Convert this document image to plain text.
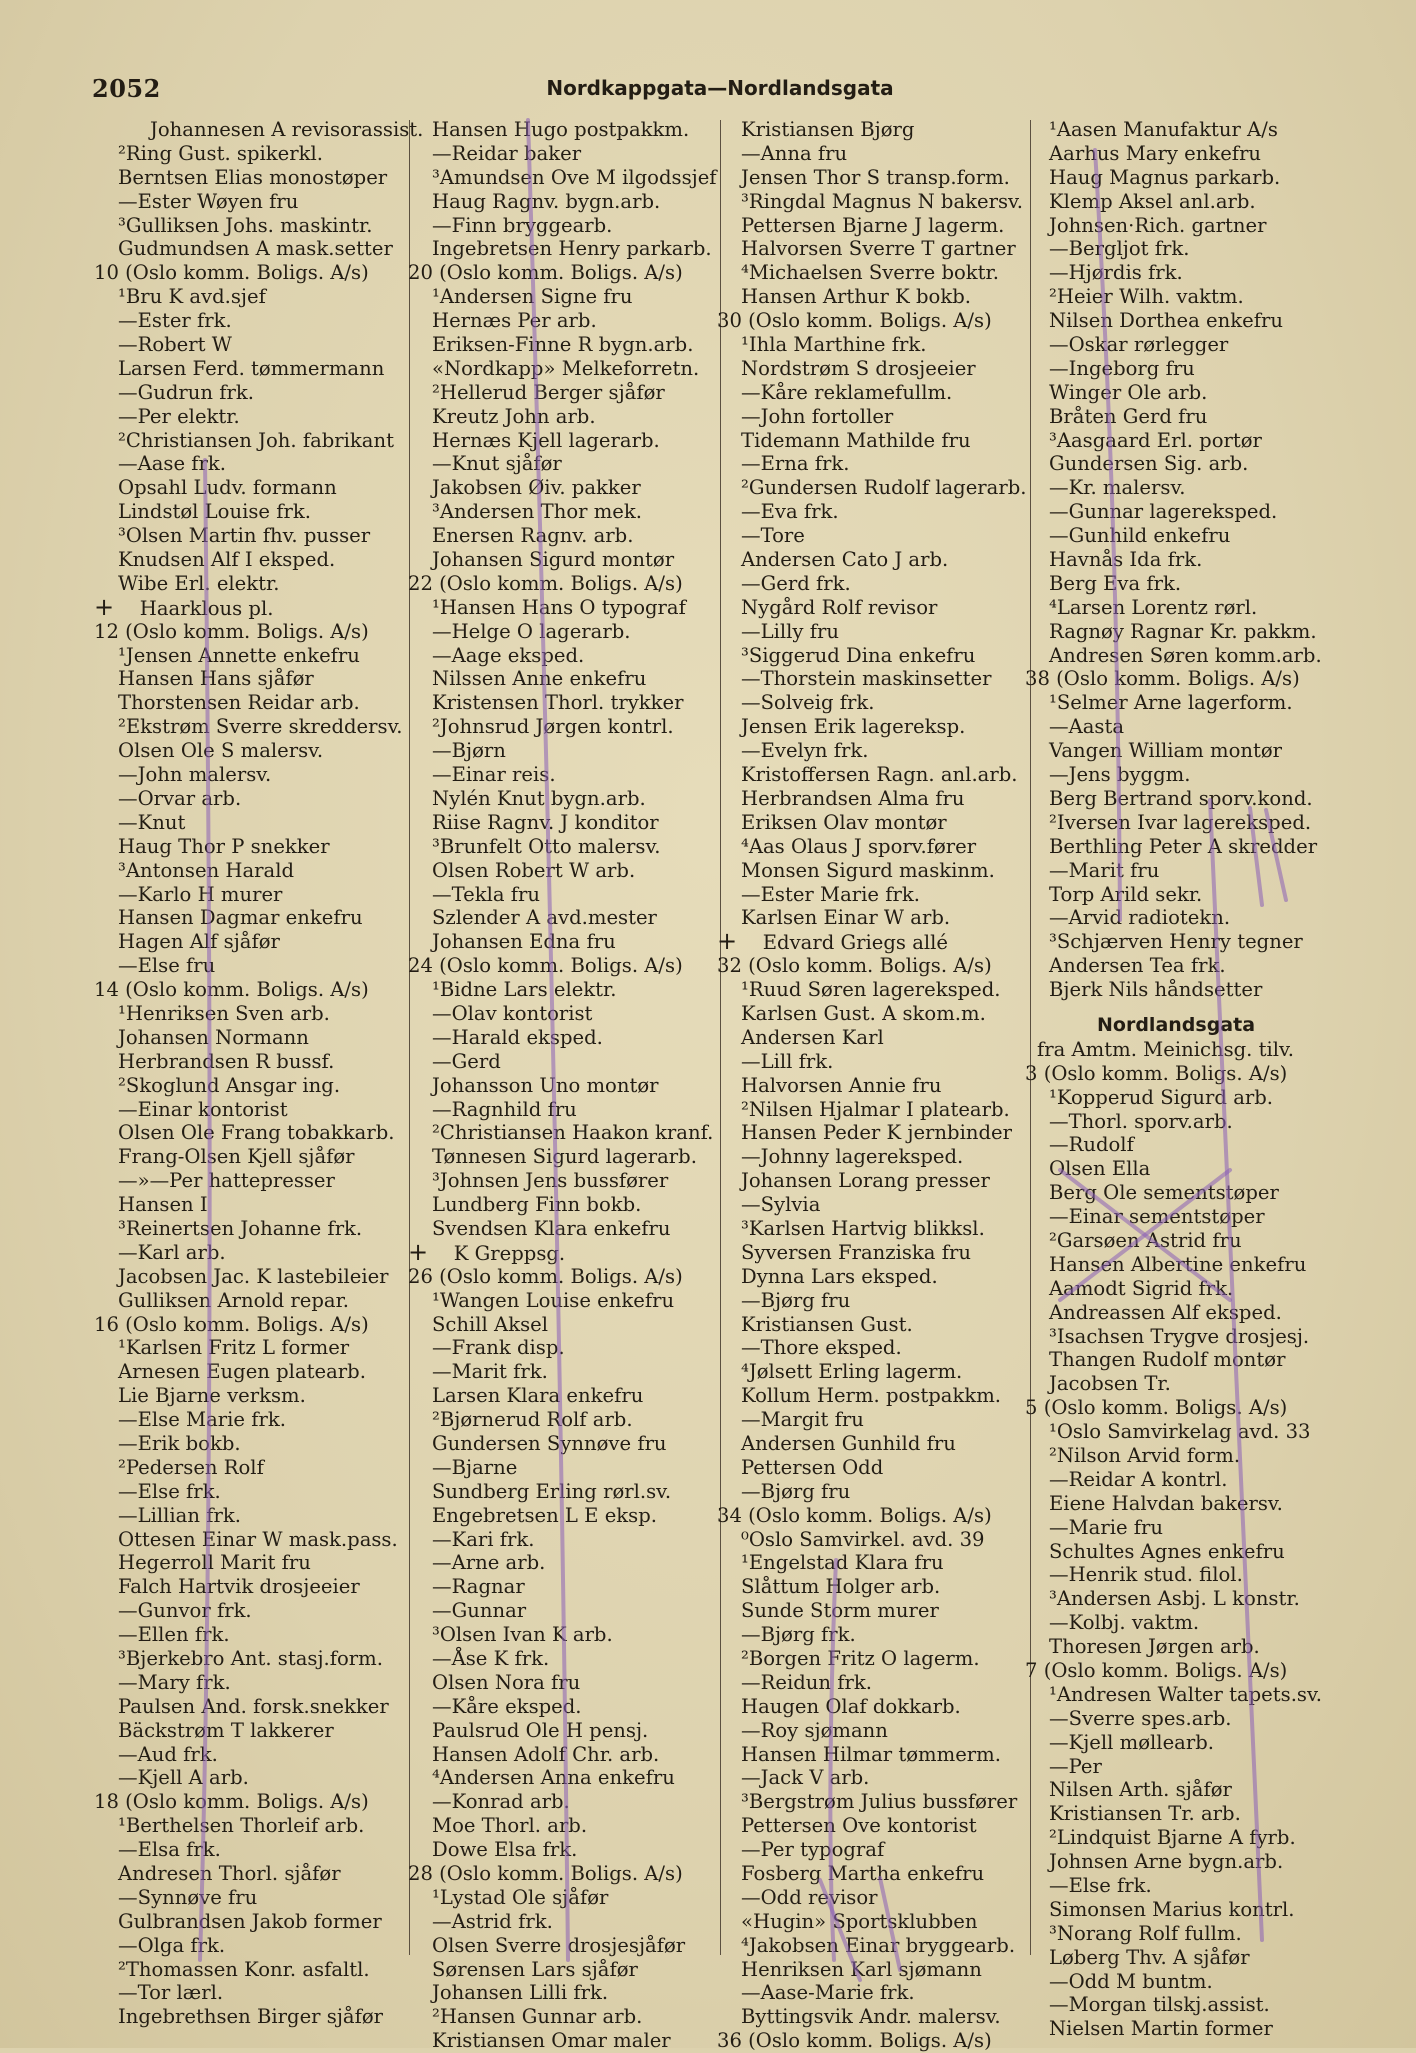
2052	Nordkappgata—Nordlandsgata
Johannesen A revisorassist.
²Ring Gust. spikerkl.
Berntsen Elias monostøper
—Ester Wøyen fru
³Gulliksen Johs. maskintr.
Gudmundsen A mask.setter
10 (Oslo komm. Boligs. A/s)
¹Bru K avd.sjef
—Ester frk.
—Robert W
Larsen Ferd. tømmermann
—Gudrun frk.
—Per elektr.
²Christiansen Joh. fabrikant
—Aase frk.
Opsahl Ludv. formann
Lindstøl Louise frk.
³Olsen Martin fhv. pusser
Knudsen Alf I eksped.
Wibe Erl. elektr.
+ Haarklous pl.
12 (Oslo komm. Boligs. A/s)
¹Jensen Annette enkefru
Hansen Hans sjåfør
Thorstensen Reidar arb.
²Ekstrøm Sverre skreddersv.
Olsen Ole S malersv.
—John malersv.
—Orvar arb.
—Knut
Haug Thor P snekker
³Antonsen Harald
—Karlo H murer
Hansen Dagmar enkefru
Hagen Alf sjåfør
—Else fru
14 (Oslo komm. Boligs. A/s)
¹Henriksen Sven arb.
Johansen Normann
Herbrandsen R bussf.
²Skoglund Ansgar ing.
—Einar kontorist
Olsen Ole Frang tobakkarb.
Frang-Olsen Kjell sjåfør
—»—Per hattepresser
Hansen I
³Reinertsen Johanne frk.
—Karl arb.
Jacobsen Jac. K lastebileier
Gulliksen Arnold repar.
16 (Oslo komm. Boligs. A/s)
¹Karlsen Fritz L former
Arnesen Eugen platearb.
Lie Bjarne verksm.
—Else Marie frk.
—Erik bokb.
²Pedersen Rolf
—Else frk.
—Lillian frk.
Ottesen Einar W mask.pass.
Hegerroll Marit fru
Falch Hartvik drosjeeier
—Gunvor frk.
—Ellen frk.
³Bjerkebro Ant. stasj.form.
—Mary frk.
Paulsen And. forsk.snekker
Bäckstrøm T lakkerer
—Aud frk.
—Kjell A arb.
18 (Oslo komm. Boligs. A/s)
¹Berthelsen Thorleif arb.
—Elsa frk.
Andresen Thorl. sjåfør
—Synnøve fru
Gulbrandsen Jakob former
—Olga frk.
²Thomassen Konr. asfaltl.
—Tor lærl.
Ingebrethsen Birger sjåfør
Hansen Hugo postpakkm.
—Reidar baker
³Amundsen Ove M ilgodssjef
Haug Ragnv. bygn.arb.
—Finn bryggearb.
Ingebretsen Henry parkarb.
20 (Oslo komm. Boligs. A/s)
¹Andersen Signe fru
Hernæs Per arb.
Eriksen-Finne R bygn.arb.
«Nordkapp» Melkeforretn.
²Hellerud Berger sjåfør
Kreutz John arb.
Hernæs Kjell lagerarb.
—Knut sjåfør
Jakobsen Øiv. pakker
³Andersen Thor mek.
Enersen Ragnv. arb.
Johansen Sigurd montør
22 (Oslo komm. Boligs. A/s)
¹Hansen Hans O typograf
—Helge O lagerarb.
—Aage eksped.
Nilssen Anne enkefru
Kristensen Thorl. trykker
²Johnsrud Jørgen kontrl.
—Bjørn
—Einar reis.
Nylén Knut bygn.arb.
Riise Ragnv. J konditor
³Brunfelt Otto malersv.
Olsen Robert W arb.
—Tekla fru
Szlender A avd.mester
Johansen Edna fru
24 (Oslo komm. Boligs. A/s)
¹Bidne Lars elektr.
—Olav kontorist
—Harald eksped.
—Gerd
Johansson Uno montør
—Ragnhild fru
²Christiansen Haakon kranf.
Tønnesen Sigurd lagerarb.
³Johnsen Jens bussfører
Lundberg Finn bokb.
Svendsen Klara enkefru
+ K Greppsg.
26 (Oslo komm. Boligs. A/s)
¹Wangen Louise enkefru
Schill Aksel
—Frank disp.
—Marit frk.
Larsen Klara enkefru
²Bjørnerud Rolf arb.
Gundersen Synnøve fru
—Bjarne
Sundberg Erling rørl.sv.
Engebretsen L E eksp.
—Kari frk.
—Arne arb.
—Ragnar
—Gunnar
³Olsen Ivan K arb.
—Åse K frk.
Olsen Nora fru
—Kåre eksped.
Paulsrud Ole H pensj.
Hansen Adolf Chr. arb.
⁴Andersen Anna enkefru
—Konrad arb.
Moe Thorl. arb.
Dowe Elsa frk.
28 (Oslo komm. Boligs. A/s)
¹Lystad Ole sjåfør
—Astrid frk.
Olsen Sverre drosjesjåfør
Sørensen Lars sjåfør
Johansen Lilli frk.
²Hansen Gunnar arb.
Kristiansen Omar maler
Kristiansen Bjørg
—Anna fru
Jensen Thor S transp.form.
³Ringdal Magnus N bakersv.
Pettersen Bjarne J lagerm.
Halvorsen Sverre T gartner
⁴Michaelsen Sverre boktr.
Hansen Arthur K bokb.
30 (Oslo komm. Boligs. A/s)
¹Ihla Marthine frk.
Nordstrøm S drosjeeier
—Kåre reklamefullm.
—John fortoller
Tidemann Mathilde fru
—Erna frk.
²Gundersen Rudolf lagerarb.
—Eva frk.
—Tore
Andersen Cato J arb.
—Gerd frk.
Nygård Rolf revisor
—Lilly fru
³Siggerud Dina enkefru
—Thorstein maskinsetter
—Solveig frk.
Jensen Erik lagereksp.
—Evelyn frk.
Kristoffersen Ragn. anl.arb.
Herbrandsen Alma fru
Eriksen Olav montør
⁴Aas Olaus J sporv.fører
Monsen Sigurd maskinm.
—Ester Marie frk.
Karlsen Einar W arb.
+ Edvard Griegs allé
32 (Oslo komm. Boligs. A/s)
¹Ruud Søren lagereksped.
Karlsen Gust. A skom.m.
Andersen Karl
—Lill frk.
Halvorsen Annie fru
²Nilsen Hjalmar I platearb.
Hansen Peder K jernbinder
—Johnny lagereksped.
Johansen Lorang presser
—Sylvia
³Karlsen Hartvig blikksl.
Syversen Franziska fru
Dynna Lars eksped.
—Bjørg fru
Kristiansen Gust.
—Thore eksped.
⁴Jølsett Erling lagerm.
Kollum Herm. postpakkm.
—Margit fru
Andersen Gunhild fru
Pettersen Odd
—Bjørg fru
34 (Oslo komm. Boligs. A/s)
⁰Oslo Samvirkel. avd. 39
¹Engelstad Klara fru
Slåttum Holger arb.
Sunde Storm murer
—Bjørg frk.
²Borgen Fritz O lagerm.
—Reidun frk.
Haugen Olaf dokkarb.
—Roy sjømann
Hansen Hilmar tømmerm.
—Jack V arb.
³Bergstrøm Julius bussfører
Pettersen Ove kontorist
—Per typograf
Fosberg Martha enkefru
—Odd revisor
«Hugin» Sportsklubben
⁴Jakobsen Einar bryggearb.
Henriksen Karl sjømann
—Aase-Marie frk.
Byttingsvik Andr. malersv.
36 (Oslo komm. Boligs. A/s)
¹Aasen Manufaktur A/s
Aarhus Mary enkefru
Haug Magnus parkarb.
Klemp Aksel anl.arb.
Johnsen·Rich. gartner
—Bergljot frk.
—Hjørdis frk.
²Heier Wilh. vaktm.
Nilsen Dorthea enkefru
—Oskar rørlegger
—Ingeborg fru
Winger Ole arb.
Bråten Gerd fru
³Aasgaard Erl. portør
Gundersen Sig. arb.
—Kr. malersv.
—Gunnar lagereksped.
—Gunhild enkefru
Havnås Ida frk.
Berg Eva frk.
⁴Larsen Lorentz rørl.
Ragnøy Ragnar Kr. pakkm.
Andresen Søren komm.arb.
38 (Oslo komm. Boligs. A/s)
¹Selmer Arne lagerform.
—Aasta
Vangen William montør
—Jens byggm.
Berg Bertrand sporv.kond.
²Iversen Ivar lagereksped.
Berthling Peter A skredder
—Marit fru
Torp Arild sekr.
—Arvid radiotekn.
³Schjærven Henry tegner
Andersen Tea frk.
Bjerk Nils håndsetter
Nordlandsgata
fra Amtm. Meinichsg. tilv.
3 (Oslo komm. Boligs. A/s)
¹Kopperud Sigurd arb.
—Thorl. sporv.arb.
—Rudolf
Olsen Ella
Berg Ole sementstøper
—Einar sementstøper
²Garsøen Astrid fru
Hansen Albertine enkefru
Aamodt Sigrid frk.
Andreassen Alf eksped.
³Isachsen Trygve drosjesj.
Thangen Rudolf montør
Jacobsen Tr.
5 (Oslo komm. Boligs. A/s)
¹Oslo Samvirkelag avd. 33
²Nilson Arvid form.
—Reidar A kontrl.
Eiene Halvdan bakersv.
—Marie fru
Schultes Agnes enkefru
—Henrik stud. filol.
³Andersen Asbj. L konstr.
—Kolbj. vaktm.
Thoresen Jørgen arb.
7 (Oslo komm. Boligs. A/s)
¹Andresen Walter tapets.sv.
—Sverre spes.arb.
—Kjell møllearb.
—Per
Nilsen Arth. sjåfør
Kristiansen Tr. arb.
²Lindquist Bjarne A fyrb.
Johnsen Arne bygn.arb.
—Else frk.
Simonsen Marius kontrl.
³Norang Rolf fullm.
Løberg Thv. A sjåfør
—Odd M buntm.
—Morgan tilskj.assist.
Nielsen Martin former
